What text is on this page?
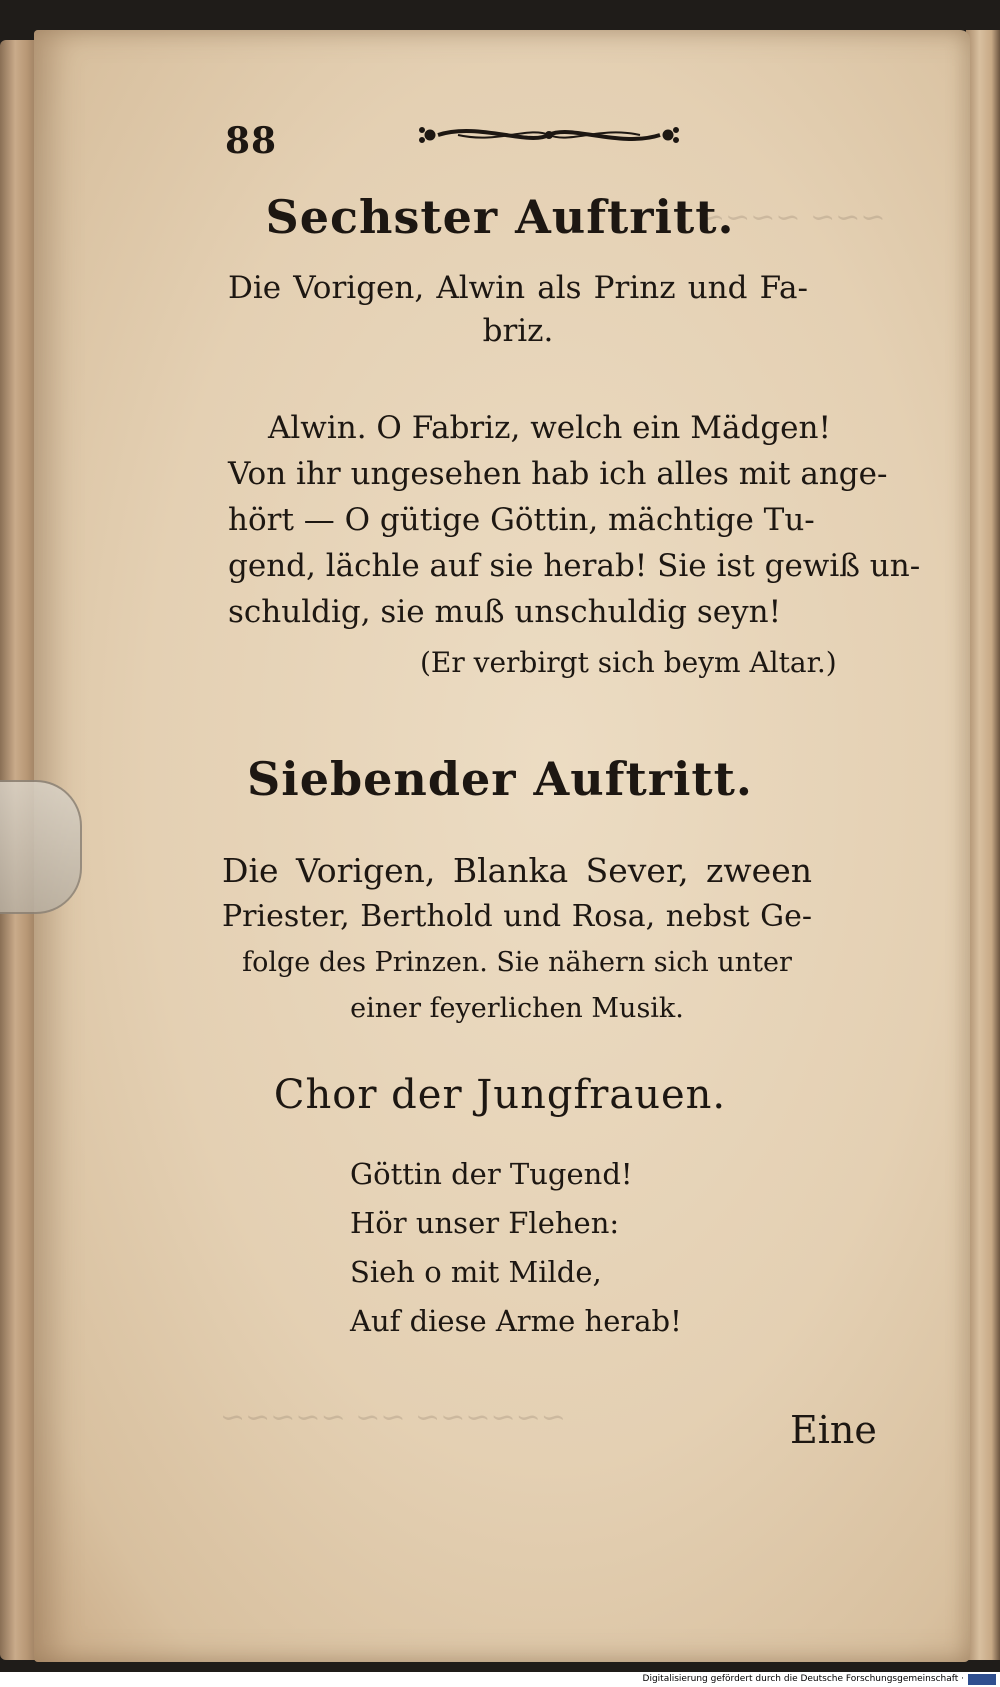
~~~ ~~~~
~~~~~~ ~~ ~~~~~
88
Sechster Auftritt.
Die Vorigen, Alwin als Prinz und Fa-
briz.
Alwin. O Fabriz, welch ein Mädgen!
Von ihr ungesehen hab ich alles mit ange-
hört — O gütige Göttin, mächtige Tu-
gend, lächle auf sie herab! Sie ist gewiß un-
schuldig, sie muß unschuldig seyn!
(Er verbirgt sich beym Altar.)
Siebender Auftritt.
Die Vorigen, Blanka Sever, zween
Priester, Berthold und Rosa, nebst Ge-
folge des Prinzen. Sie nähern sich unter
einer feyerlichen Musik.
Chor der Jungfrauen.
Göttin der Tugend!
Hör unser Flehen:
Sieh o mit Milde,
Auf diese Arme herab!
Eine
Digitalisierung gefördert durch die Deutsche Forschungsgemeinschaft ·
